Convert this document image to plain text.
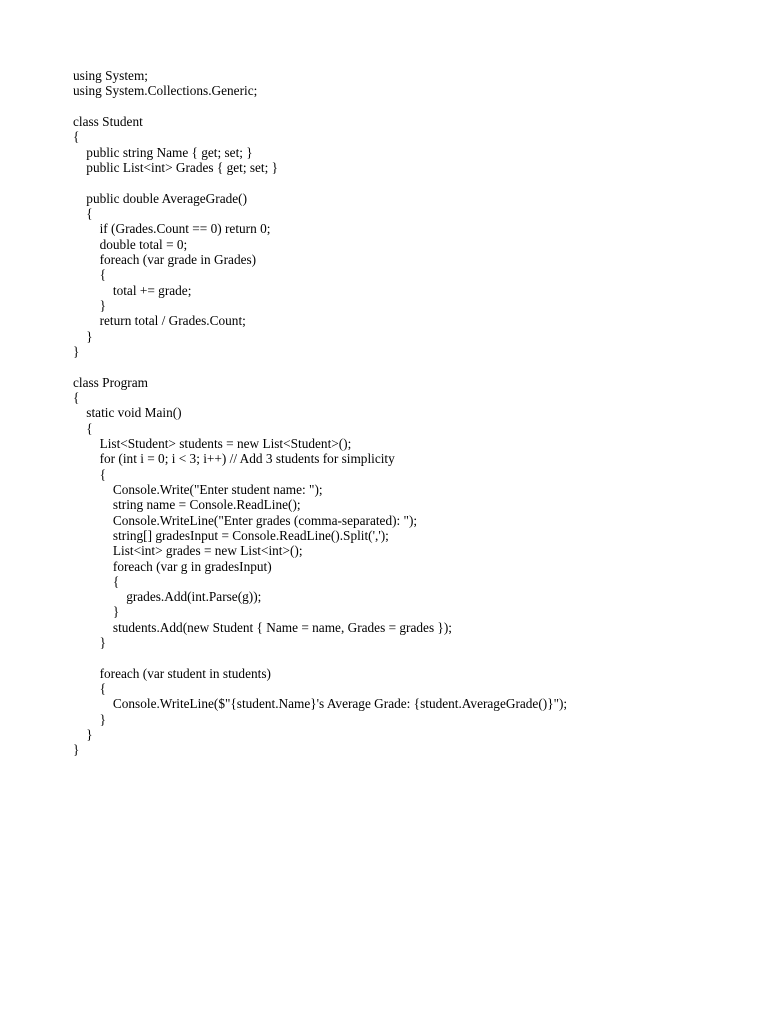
using System;
using System.Collections.Generic;
class Student
{
public string Name { get; set; }
public List<int> Grades { get; set; }
public double AverageGrade()
{
if (Grades.Count == 0) return 0;
double total = 0;
foreach (var grade in Grades)
{
total += grade;
}
return total / Grades.Count;
}
}
class Program
{
static void Main()
{
List<Student> students = new List<Student>();
for (int i = 0; i < 3; i++) // Add 3 students for simplicity
{
Console.Write("Enter student name: ");
string name = Console.ReadLine();
Console.WriteLine("Enter grades (comma-separated): ");
string[] gradesInput = Console.ReadLine().Split(',');
List<int> grades = new List<int>();
foreach (var g in gradesInput)
{
grades.Add(int.Parse(g));
}
students.Add(new Student { Name = name, Grades = grades });
}
foreach (var student in students)
{
Console.WriteLine($"{student.Name}'s Average Grade: {student.AverageGrade()}");
}
}
}
